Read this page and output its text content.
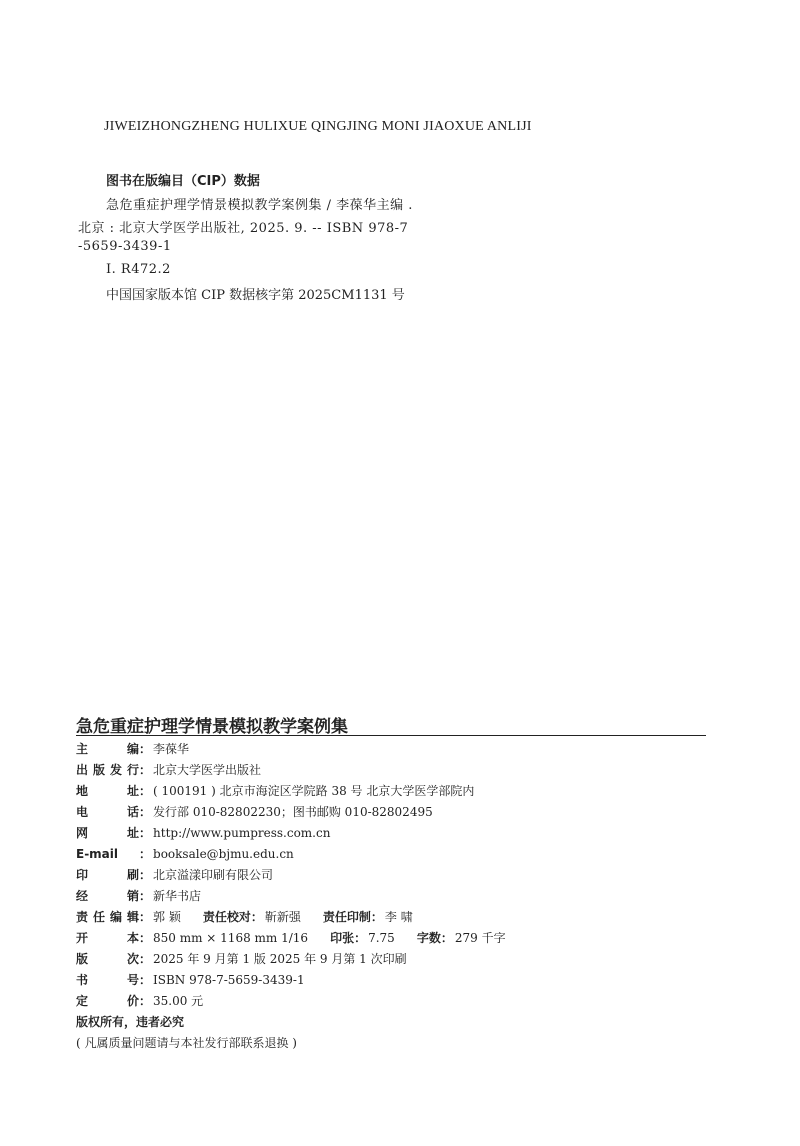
JIWEIZHONGZHENG HULIXUE QINGJING MONI JIAOXUE ANLIJI
图书在版编目（CIP）数据
急危重症护理学情景模拟教学案例集 / 李葆华主编 .
北京 : 北京大学医学出版社, 2025. 9. -- ISBN 978-7
-5659-3439-1
Ⅰ. R472.2
中国国家版本馆 CIP 数据核字第 2025CM1131 号
急危重症护理学情景模拟教学案例集
主编 ： 李葆华
出版发行 ： 北京大学医学出版社
地址 ： ( 100191 ) 北京市海淀区学院路 38 号 北京大学医学部院内
电话 ： 发行部 010-82802230；图书邮购 010-82802495
网址 ： http://www.pumpress.com.cn
E-mail	： booksale@bjmu.edu.cn
印刷 ： 北京溢漾印刷有限公司
经销 ： 新华书店
责任编辑 ： 郭 颖 责任校对 ： 靳新强 责任印制 ： 李 啸
开本 ： 850 mm × 1168 mm 1/16 印张 ： 7.75 字数 ： 279 千字
版次 ： 2025 年 9 月第 1 版 2025 年 9 月第 1 次印刷
书号 ： ISBN 978-7-5659-3439-1
定价 ： 35.00 元
版权所有，违者必究
( 凡属质量问题请与本社发行部联系退换 )
